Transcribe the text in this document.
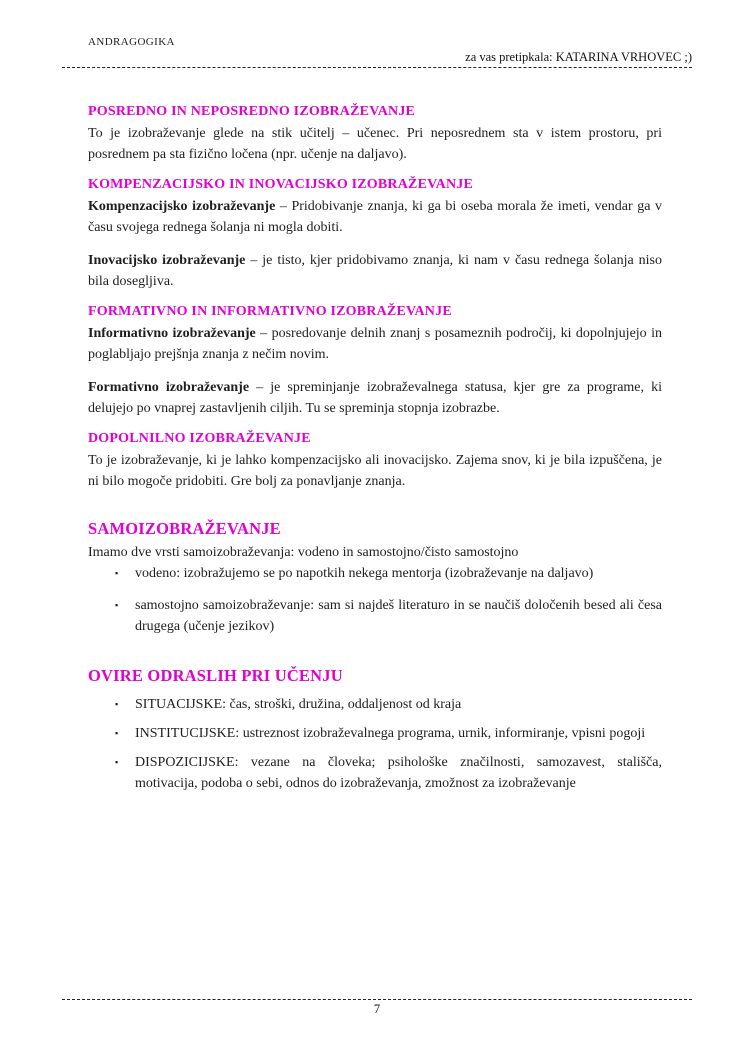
ANDRAGOGIKA
za vas pretipkala: KATARINA VRHOVEC ;)
POSREDNO IN NEPOSREDNO IZOBRAŽEVANJE

To je izobraževanje glede na stik učitelj – učenec. Pri neposrednem sta v istem prostoru, pri posrednem pa sta fizično ločena (npr. učenje na daljavo).

KOMPENZACIJSKO IN INOVACIJSKO IZOBRAŽEVANJE

Kompenzacijsko izobraževanje – Pridobivanje znanja, ki ga bi oseba morala že imeti, vendar ga v času svojega rednega šolanja ni mogla dobiti.

Inovacijsko izobraževanje – je tisto, kjer pridobivamo znanja, ki nam v času rednega šolanja niso bila dosegljiva.

FORMATIVNO IN INFORMATIVNO IZOBRAŽEVANJE

Informativno izobraževanje – posredovanje delnih znanj s posameznih področij, ki dopolnjujejo in poglabljajo prejšnja znanja z nečim novim.

Formativno izobraževanje – je spreminjanje izobraževalnega statusa, kjer gre za programe, ki delujejo po vnaprej zastavljenih ciljih. Tu se spreminja stopnja izobrazbe.

DOPOLNILNO IZOBRAŽEVANJE

To je izobraževanje, ki je lahko kompenzacijsko ali inovacijsko. Zajema snov, ki je bila izpuščena, je ni bilo mogoče pridobiti. Gre bolj za ponavljanje znanja.

SAMOIZOBRAŽEVANJE

Imamo dve vrsti samoizobraževanja: vodeno in samostojno/čisto samostojno

▪	vodeno: izobražujemo se po napotkih nekega mentorja (izobraževanje na daljavo)
▪	samostojno samoizobraževanje: sam si najdeš literaturo in se naučiš določenih besed ali česa drugega (učenje jezikov)
OVIRE ODRASLIH PRI UČENJU
▪	SITUACIJSKE: čas, stroški, družina, oddaljenost od kraja
▪	INSTITUCIJSKE: ustreznost izobraževalnega programa, urnik, informiranje, vpisni pogoji
▪	DISPOZICIJSKE: vezane na človeka; psihološke značilnosti, samozavest, stališča, motivacija, podoba o sebi, odnos do izobraževanja, zmožnost za izobraževanje
7
